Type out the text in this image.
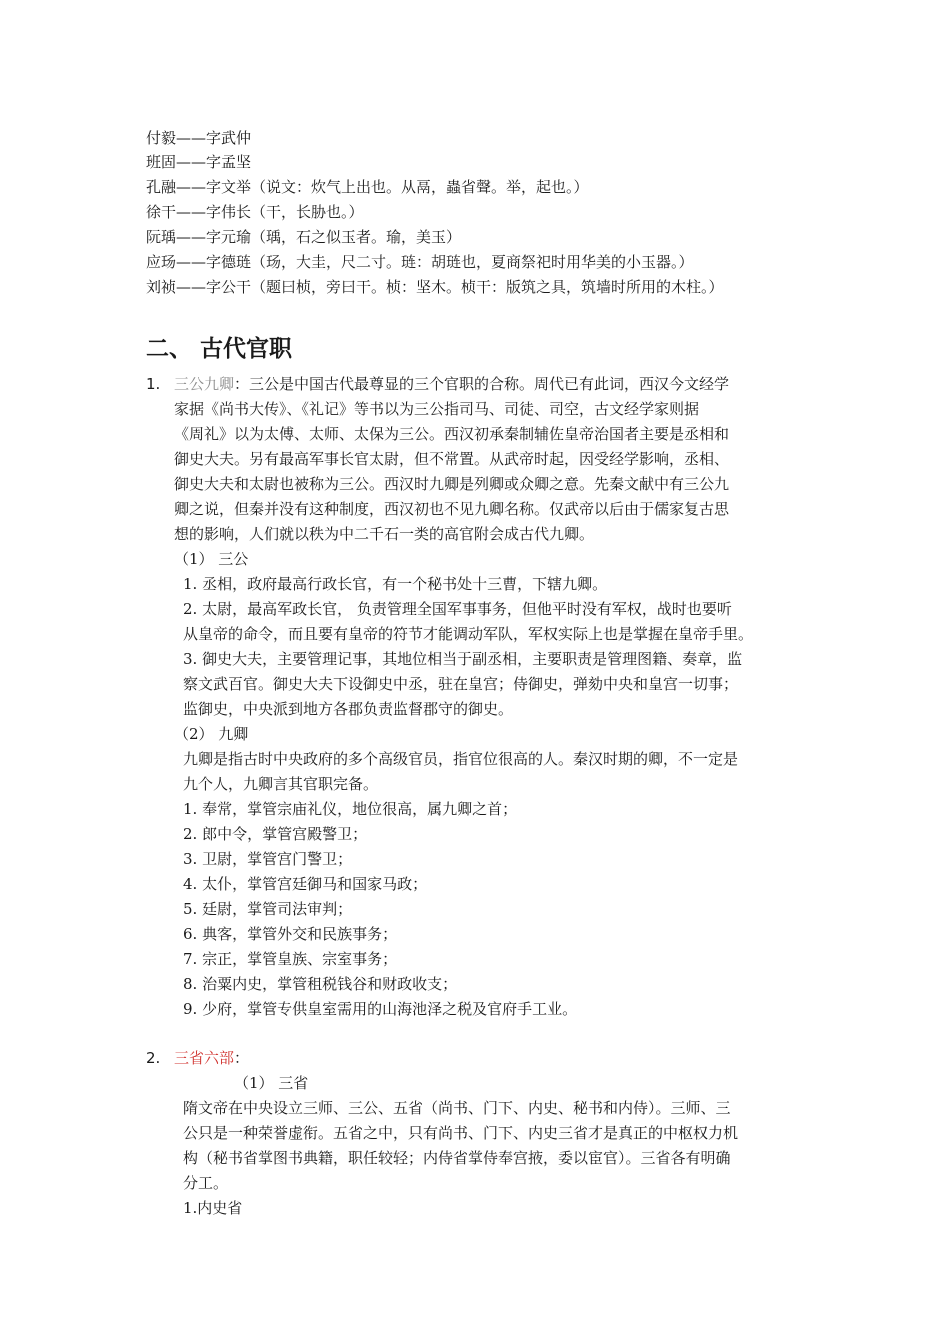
付毅——字武仲
班固——字孟坚
孔融——字文举（说文：炊气上出也。从鬲，蟲省聲。举，起也。）
徐干——字伟长（干，长胁也。）
阮瑀——字元瑜（瑀，石之似玉者。瑜，美玉）
应玚——字德琏（玚，大圭，尺二寸。琏：胡琏也，夏商祭祀时用华美的小玉器。）
刘祯——字公干（题曰桢，旁曰干。桢：坚木。桢干：版筑之具，筑墙时所用的木柱。）
二、 古代官职
1. 三公九卿：三公是中国古代最尊显的三个官职的合称。周代已有此词，西汉今文经学
家据《尚书大传》、《礼记》等书以为三公指司马、司徒、司空，古文经学家则据
《周礼》以为太傅、太师、太保为三公。西汉初承秦制辅佐皇帝治国者主要是丞相和
御史大夫。另有最高军事长官太尉，但不常置。从武帝时起，因受经学影响，丞相、
御史大夫和太尉也被称为三公。西汉时九卿是列卿或众卿之意。先秦文献中有三公九
卿之说，但秦并没有这种制度，西汉初也不见九卿名称。仅武帝以后由于儒家复古思
想的影响，人们就以秩为中二千石一类的高官附会成古代九卿。
（1） 三公
1. 丞相，政府最高行政长官，有一个秘书处十三曹，下辖九卿。
2. 太尉，最高军政长官， 负责管理全国军事事务，但他平时没有军权，战时也要听
从皇帝的命令，而且要有皇帝的符节才能调动军队，军权实际上也是掌握在皇帝手里。
3. 御史大夫，主要管理记事，其地位相当于副丞相，主要职责是管理图籍、奏章，监
察文武百官。御史大夫下设御史中丞，驻在皇宫；侍御史，弹劾中央和皇宫一切事；
监御史，中央派到地方各郡负责监督郡守的御史。
（2） 九卿
九卿是指古时中央政府的多个高级官员，指官位很高的人。秦汉时期的卿，不一定是
九个人，九卿言其官职完备。
1. 奉常，掌管宗庙礼仪，地位很高，属九卿之首；
2. 郎中令，掌管宫殿警卫；
3. 卫尉，掌管宫门警卫；
4. 太仆，掌管宫廷御马和国家马政；
5. 廷尉，掌管司法审判；
6. 典客，掌管外交和民族事务；
7. 宗正，掌管皇族、宗室事务；
8. 治粟内史，掌管租税钱谷和财政收支；
9. 少府，掌管专供皇室需用的山海池泽之税及官府手工业。
2. 三省六部：
（1） 三省
隋文帝在中央设立三师、三公、五省（尚书、门下、内史、秘书和内侍）。三师、三
公只是一种荣誉虚衔。五省之中，只有尚书、门下、内史三省才是真正的中枢权力机
构（秘书省掌图书典籍，职任较轻；内侍省掌侍奉宫掖，委以宦官）。三省各有明确
分工。
1.内史省
